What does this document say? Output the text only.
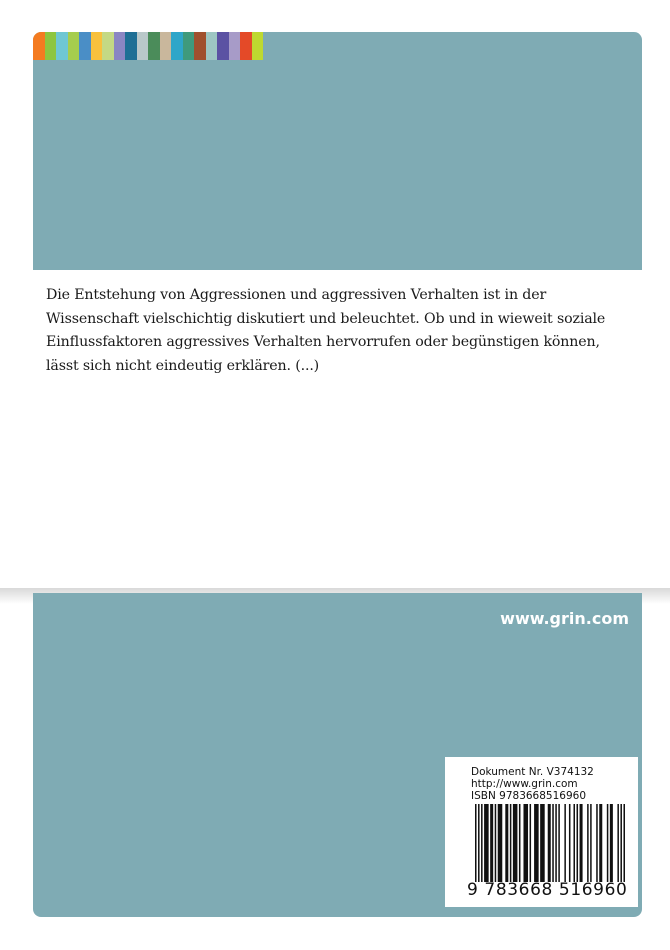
Die Entstehung von Aggressionen und aggressiven Verhalten ist in der Wissenschaft vielschichtig diskutiert und beleuchtet. Ob und in wieweit soziale Einflussfaktoren aggressives Verhalten hervorrufen oder begünstigen können, lässt sich nicht eindeutig erklären. (...)

www.grin.com

Dokument Nr. V374132

http://www.grin.com

ISBN 9783668516960

9 783668 516960
